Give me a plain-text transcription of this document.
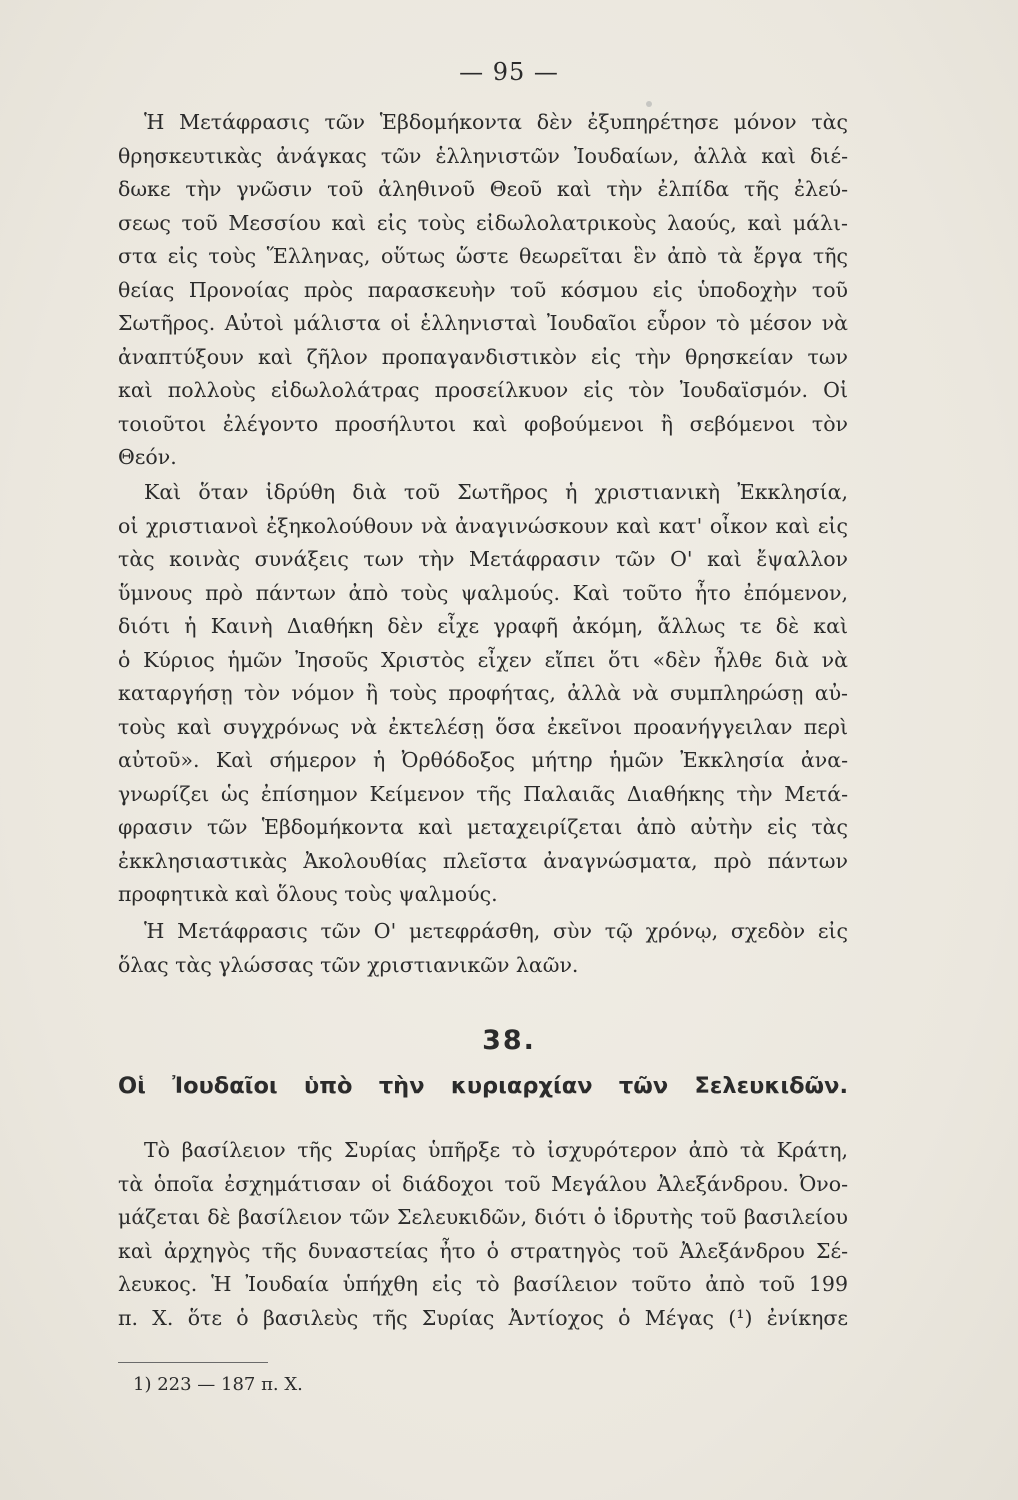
— 95 —
Ἡ Μετάφρασις τῶν Ἑβδομήκοντα δὲν ἐξυπηρέτησε μόνον τὰς
θρησκευτικὰς ἀνάγκας τῶν ἑλληνιστῶν Ἰουδαίων, ἀλλὰ καὶ διέ-
δωκε τὴν γνῶσιν τοῦ ἀληθινοῦ Θεοῦ καὶ τὴν ἐλπίδα τῆς ἐλεύ-
σεως τοῦ Μεσσίου καὶ εἰς τοὺς εἰδωλολατρικοὺς λαούς, καὶ μάλι-
στα εἰς τοὺς Ἕλληνας, οὕτως ὥστε θεωρεῖται ἓν ἀπὸ τὰ ἔργα τῆς
θείας Προνοίας πρὸς παρασκευὴν τοῦ κόσμου εἰς ὑποδοχὴν τοῦ
Σωτῆρος. Αὐτοὶ μάλιστα οἱ ἑλληνισταὶ Ἰουδαῖοι εὗρον τὸ μέσον νὰ
ἀναπτύξουν καὶ ζῆλον προπαγανδιστικὸν εἰς τὴν θρησκείαν των
καὶ πολλοὺς εἰδωλολάτρας προσείλκυον εἰς τὸν Ἰουδαϊσμόν. Οἱ
τοιοῦτοι ἐλέγοντο προσήλυτοι καὶ φοβούμενοι ἢ σεβόμενοι τὸν
Θεόν.
Καὶ ὅταν ἱδρύθη διὰ τοῦ Σωτῆρος ἡ χριστιανικὴ Ἐκκλησία,
οἱ χριστιανοὶ ἐξηκολούθουν νὰ ἀναγινώσκουν καὶ κατ' οἶκον καὶ εἰς
τὰς κοινὰς συνάξεις των τὴν Μετάφρασιν τῶν Ο' καὶ ἔψαλλον
ὕμνους πρὸ πάντων ἀπὸ τοὺς ψαλμούς. Καὶ τοῦτο ἦτο ἐπόμενον,
διότι ἡ Καινὴ Διαθήκη δὲν εἶχε γραφῆ ἀκόμη, ἄλλως τε δὲ καὶ
ὁ Κύριος ἡμῶν Ἰησοῦς Χριστὸς εἶχεν εἴπει ὅτι «δὲν ἦλθε διὰ νὰ
καταργήσῃ τὸν νόμον ἢ τοὺς προφήτας, ἀλλὰ νὰ συμπληρώσῃ αὐ-
τοὺς καὶ συγχρόνως νὰ ἐκτελέσῃ ὅσα ἐκεῖνοι προανήγγειλαν περὶ
αὐτοῦ». Καὶ σήμερον ἡ Ὀρθόδοξος μήτηρ ἡμῶν Ἐκκλησία ἀνα-
γνωρίζει ὡς ἐπίσημον Κείμενον τῆς Παλαιᾶς Διαθήκης τὴν Μετά-
φρασιν τῶν Ἑβδομήκοντα καὶ μεταχειρίζεται ἀπὸ αὐτὴν εἰς τὰς
ἐκκλησιαστικὰς Ἀκολουθίας πλεῖστα ἀναγνώσματα, πρὸ πάντων
προφητικὰ καὶ ὅλους τοὺς ψαλμούς.
Ἡ Μετάφρασις τῶν Ο' μετεφράσθη, σὺν τῷ χρόνῳ, σχεδὸν εἰς
ὅλας τὰς γλώσσας τῶν χριστιανικῶν λαῶν.
38.
Οἱ Ἰουδαῖοι ὑπὸ τὴν κυριαρχίαν τῶν Σελευκιδῶν.
Τὸ βασίλειον τῆς Συρίας ὑπῆρξε τὸ ἰσχυρότερον ἀπὸ τὰ Κράτη,
τὰ ὁποῖα ἐσχημάτισαν οἱ διάδοχοι τοῦ Μεγάλου Ἀλεξάνδρου. Ὀνο-
μάζεται δὲ βασίλειον τῶν Σελευκιδῶν, διότι ὁ ἱδρυτὴς τοῦ βασιλείου
καὶ ἀρχηγὸς τῆς δυναστείας ἦτο ὁ στρατηγὸς τοῦ Ἀλεξάνδρου Σέ-
λευκος. Ἡ Ἰουδαία ὑπήχθη εἰς τὸ βασίλειον τοῦτο ἀπὸ τοῦ 199
π. Χ. ὅτε ὁ βασιλεὺς τῆς Συρίας Ἀντίοχος ὁ Μέγας (¹) ἐνίκησε
1) 223 — 187 π. Χ.
